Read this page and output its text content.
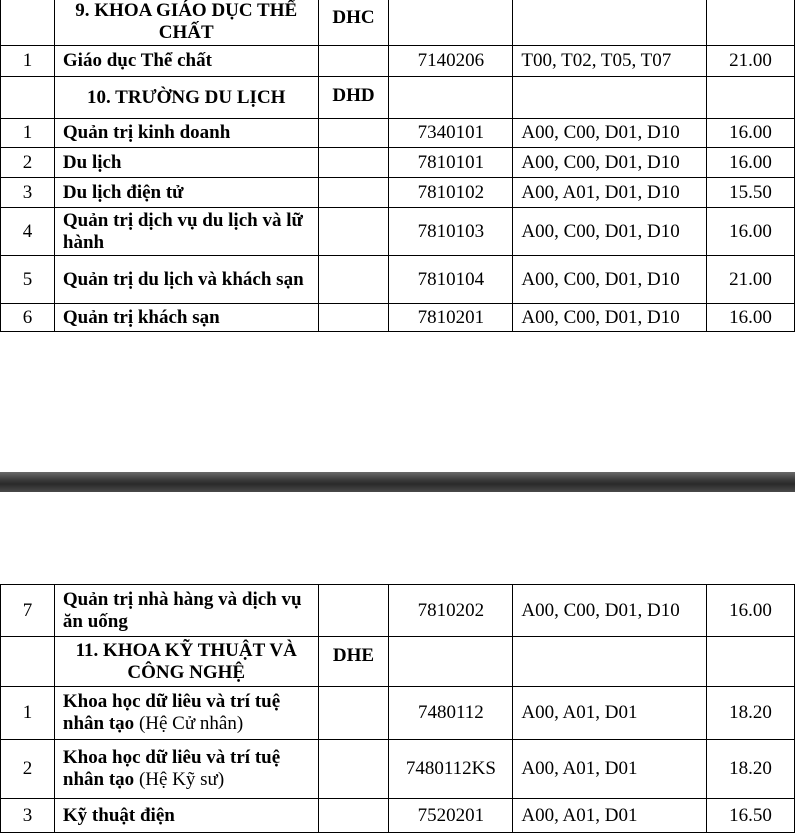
	9. KHOA GIÁO DỤC THỂ CHẤT	DHC			
1	Giáo dục Thể chất		7140206	T00, T02, T05, T07	21.00
	10. TRƯỜNG DU LỊCH	DHD			
1	Quản trị kinh doanh		7340101	A00, C00, D01, D10	16.00
2	Du lịch		7810101	A00, C00, D01, D10	16.00
3	Du lịch điện tử		7810102	A00, A01, D01, D10	15.50
4	Quản trị dịch vụ du lịch và lữ hành		7810103	A00, C00, D01, D10	16.00
5	Quản trị du lịch và khách sạn		7810104	A00, C00, D01, D10	21.00
6	Quản trị khách sạn		7810201	A00, C00, D01, D10	16.00
7	Quản trị nhà hàng và dịch vụ ăn uống		7810202	A00, C00, D01, D10	16.00
	11. KHOA KỸ THUẬT VÀ CÔNG NGHỆ	DHE			
1	Khoa học dữ liêu và trí tuệ nhân tạo (Hệ Cử nhân)		7480112	A00, A01, D01	18.20
2	Khoa học dữ liêu và trí tuệ nhân tạo (Hệ Kỹ sư)		7480112KS	A00, A01, D01	18.20
3	Kỹ thuật điện		7520201	A00, A01, D01	16.50
